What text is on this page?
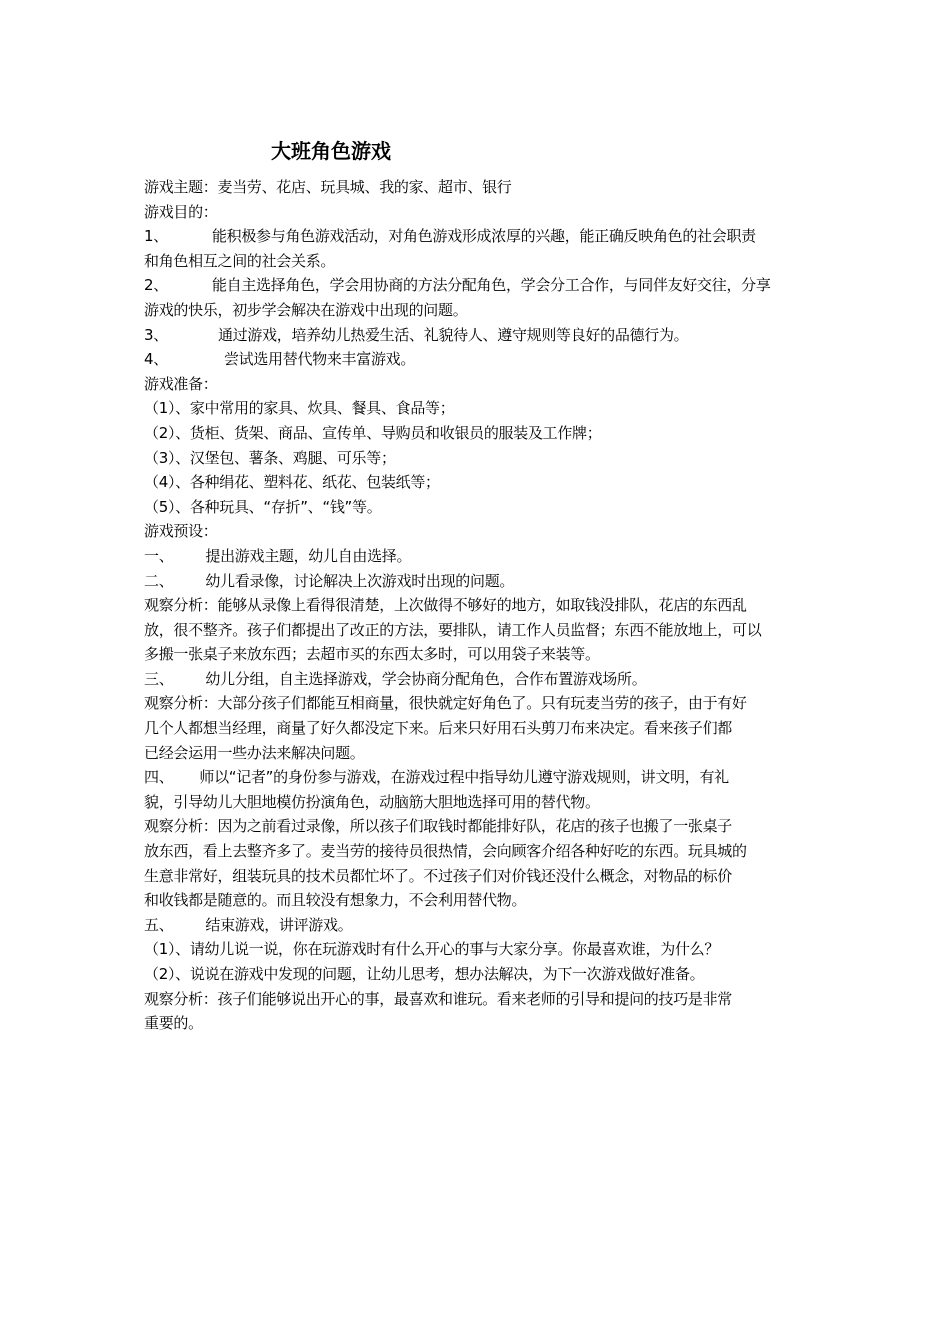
大班角色游戏
游戏主题：麦当劳、花店、玩具城、我的家、超市、银行
游戏目的：
1、	能积极参与角色游戏活动，对角色游戏形成浓厚的兴趣，能正确反映角色的社会职责
和角色相互之间的社会关系。
2、	能自主选择角色，学会用协商的方法分配角色，学会分工合作，与同伴友好交往，分享
游戏的快乐，初步学会解决在游戏中出现的问题。
3、	通过游戏，培养幼儿热爱生活、礼貌待人、遵守规则等良好的品德行为。
4、	尝试选用替代物来丰富游戏。
游戏准备：
（1）、家中常用的家具、炊具、餐具、食品等；
（2）、货柜、货架、商品、宣传单、导购员和收银员的服装及工作牌；
（3）、汉堡包、薯条、鸡腿、可乐等；
（4）、各种绢花、塑料花、纸花、包装纸等；
（5）、各种玩具、“存折”、“钱”等。
游戏预设：
一、 提出游戏主题，幼儿自由选择。
二、 幼儿看录像，讨论解决上次游戏时出现的问题。
观察分析：能够从录像上看得很清楚，上次做得不够好的地方，如取钱没排队，花店的东西乱
放，很不整齐。孩子们都提出了改正的方法，要排队，请工作人员监督；东西不能放地上，可以
多搬一张桌子来放东西；去超市买的东西太多时，可以用袋子来装等。
三、 幼儿分组，自主选择游戏，学会协商分配角色，合作布置游戏场所。
观察分析：大部分孩子们都能互相商量，很快就定好角色了。只有玩麦当劳的孩子，由于有好
几个人都想当经理，商量了好久都没定下来。后来只好用石头剪刀布来决定。看来孩子们都
已经会运用一些办法来解决问题。
四、 师以“记者”的身份参与游戏，在游戏过程中指导幼儿遵守游戏规则，讲文明，有礼
貌，引导幼儿大胆地模仿扮演角色，动脑筋大胆地选择可用的替代物。
观察分析：因为之前看过录像，所以孩子们取钱时都能排好队，花店的孩子也搬了一张桌子
放东西，看上去整齐多了。麦当劳的接待员很热情，会向顾客介绍各种好吃的东西。玩具城的
生意非常好，组装玩具的技术员都忙坏了。不过孩子们对价钱还没什么概念，对物品的标价
和收钱都是随意的。而且较没有想象力，不会利用替代物。
五、 结束游戏，讲评游戏。
（1）、请幼儿说一说，你在玩游戏时有什么开心的事与大家分享。你最喜欢谁，为什么？
（2）、说说在游戏中发现的问题，让幼儿思考，想办法解决，为下一次游戏做好准备。
观察分析：孩子们能够说出开心的事，最喜欢和谁玩。看来老师的引导和提问的技巧是非常
重要的。
